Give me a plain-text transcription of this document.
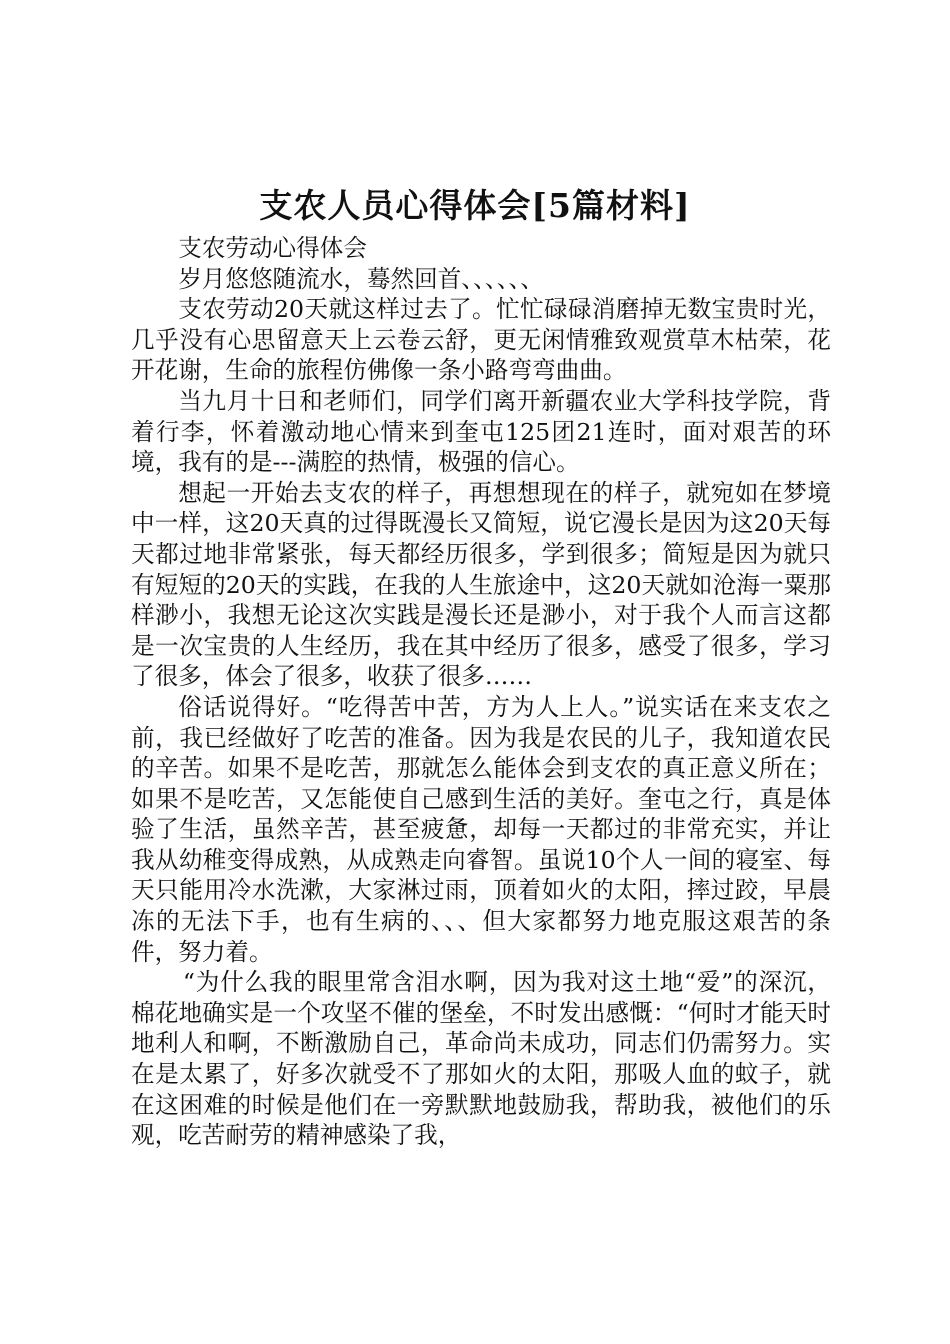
支农人员心得体会[5篇材料]

支农劳动心得体会

岁月悠悠随流水，蓦然回首、、、、、、

支农劳动20天就这样过去了。忙忙碌碌消磨掉无数宝贵时光，几乎没有心思留意天上云卷云舒，更无闲情雅致观赏草木枯荣，花开花谢，生命的旅程仿佛像一条小路弯弯曲曲。

当九月十日和老师们，同学们离开新疆农业大学科技学院，背着行李，怀着激动地心情来到奎屯125团21连时，面对艰苦的环境，我有的是---满腔的热情，极强的信心。

想起一开始去支农的样子，再想想现在的样子，就宛如在梦境中一样，这20天真的过得既漫长又简短，说它漫长是因为这20天每天都过地非常紧张，每天都经历很多，学到很多；简短是因为就只有短短的20天的实践，在我的人生旅途中，这20天就如沧海一粟那样渺小，我想无论这次实践是漫长还是渺小，对于我个人而言这都是一次宝贵的人生经历，我在其中经历了很多，感受了很多，学习了很多，体会了很多，收获了很多……

俗话说得好。“吃得苦中苦，方为人上人。”说实话在来支农之前，我已经做好了吃苦的准备。因为我是农民的儿子，我知道农民的辛苦。如果不是吃苦，那就怎么能体会到支农的真正意义所在；如果不是吃苦，又怎能使自己感到生活的美好。奎屯之行，真是体验了生活，虽然辛苦，甚至疲惫，却每一天都过的非常充实，并让我从幼稚变得成熟，从成熟走向睿智。虽说10个人一间的寝室、每天只能用冷水洗漱，大家淋过雨，顶着如火的太阳，摔过跤，早晨冻的无法下手，也有生病的、、、但大家都努力地克服这艰苦的条件，努力着。

“为什么我的眼里常含泪水啊，因为我对这土地“爱”的深沉，棉花地确实是一个攻坚不催的堡垒，不时发出感慨：“何时才能天时地利人和啊，不断激励自己，革命尚未成功，同志们仍需努力。实在是太累了，好多次就受不了那如火的太阳，那吸人血的蚊子，就在这困难的时候是他们在一旁默默地鼓励我，帮助我，被他们的乐观，吃苦耐劳的精神感染了我，
